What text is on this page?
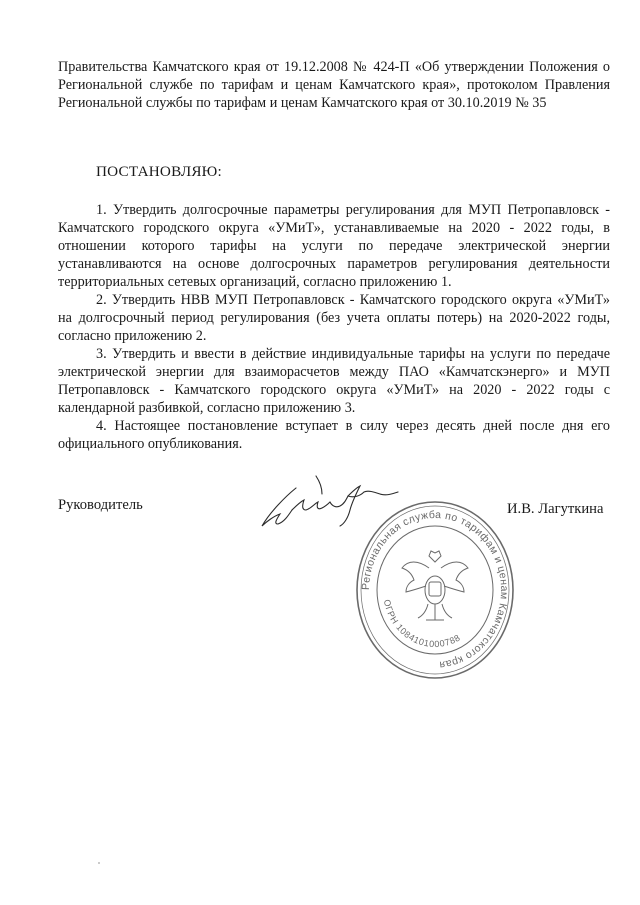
Правительства Камчатского края от 19.12.2008 № 424-П «Об утверждении Положения о Региональной службе по тарифам и ценам Камчатского края», протоколом Правления Региональной службы по тарифам и ценам Камчатского края от 30.10.2019 № 35
ПОСТАНОВЛЯЮ:

1. Утвердить долгосрочные параметры регулирования для МУП Петропавловск - Камчатского городского округа «УМиТ», устанавливаемые на 2020 - 2022 годы, в отношении которого тарифы на услуги по передаче электрической энергии устанавливаются на основе долгосрочных параметров регулирования деятельности территориальных сетевых организаций, согласно приложению 1.

2. Утвердить НВВ МУП Петропавловск - Камчатского городского округа «УМиТ» на долгосрочный период регулирования (без учета оплаты потерь) на 2020-2022 годы, согласно приложению 2.

3. Утвердить и ввести в действие индивидуальные тарифы на услуги по передаче электрической энергии для взаиморасчетов между ПАО «Камчатскэнерго» и МУП Петропавловск - Камчатского городского округа «УМиТ» на 2020 - 2022 годы с календарной разбивкой, согласно приложению 3.

4. Настоящее постановление вступает в силу через десять дней после дня его официального опубликования.

Руководитель
Региональная служба по тарифам и ценам Камчатского края
ОГРН 1084101000788
И.В. Лагуткина
